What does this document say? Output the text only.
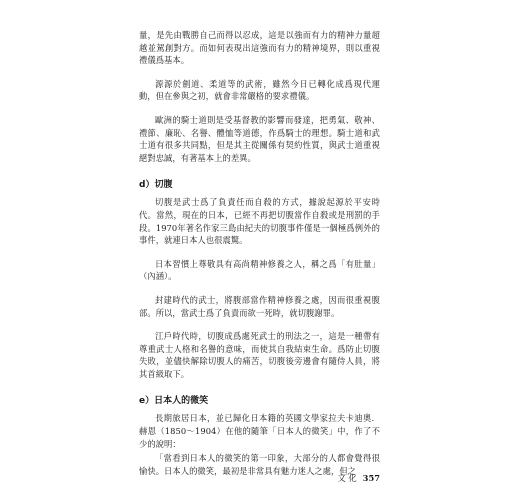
量，是先由戰勝自己而得以忍成，這是以強而有力的精神力量超越並駕創對方。而如何表現出這強而有力的精神境界，則以重視禮儀爲基本。

源源於劍道、柔道等的武術，雖然今日已轉化成爲現代運動，但在參與之初，就會非常嚴格的要求禮儀。

歐洲的騎士道則是受基督教的影響而發達，把勇氣、敬神、禮節、廉恥、名譽、體恤等道德，作爲騎士的理想。騎士道和武士道有很多共同點，但是其主從關係有契約性質，與武士道重視絕對忠誠，有著基本上的差異。

d）切腹

切腹是武士爲了負責任而自殺的方式，據說起源於平安時代。當然，現在的日本，已經不再把切腹當作自殺或是刑罰的手段。1970年著名作家三島由紀夫的切腹事件僅是一個極爲例外的事件，就連日本人也很震驚。

日本習慣上尊敬具有高尚精神修養之人，稱之爲「有肚量」（內涵）。

封建時代的武士，將腹部當作精神修養之處，因而很重視腹部。所以，當武士爲了負責而欲一死時，就切腹謝罪。

江戶時代時，切腹成爲處死武士的刑法之一，這是一種帶有尊重武士人格和名譽的意味，而使其自我結束生命。爲防止切腹失敗，並儘快解除切腹人的痛苦，切腹後旁邊會有隨侍人員，將其首級取下。

e）日本人的微笑

長期旅居日本，並已歸化日本籍的英國文學家拉夫卡迪奧．赫恩（1850～1904）在他的隨筆「日本人的微笑」中，作了不少的說明：

「當看到日本人的微笑的第一印象，大部分的人都會覺得很愉快。日本人的微笑，最初是非常具有魅力迷人之處，但之

文 化 357
